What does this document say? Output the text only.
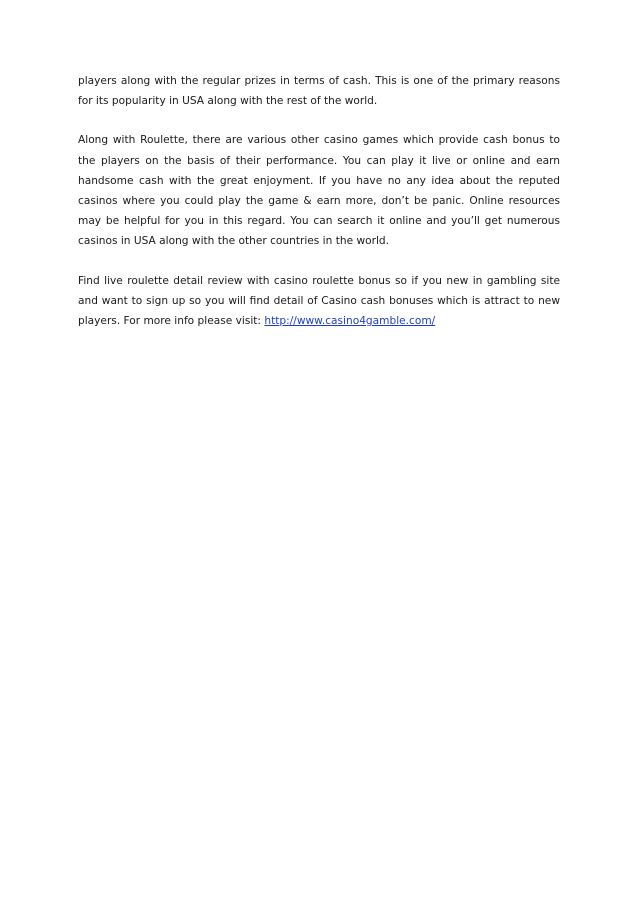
players along with the regular prizes in terms of cash. This is one of the primary reasons for its popularity in USA along with the rest of the world.

Along with Roulette, there are various other casino games which provide cash bonus to the players on the basis of their performance. You can play it live or online and earn handsome cash with the great enjoyment. If you have no any idea about the reputed casinos where you could play the game & earn more, don’t be panic. Online resources may be helpful for you in this regard. You can search it online and you’ll get numerous casinos in USA along with the other countries in the world.

Find live roulette detail review with casino roulette bonus so if you new in gambling site and want to sign up so you will find detail of Casino cash bonuses which is attract to new players. For more info please visit: http://www.casino4gamble.com/
